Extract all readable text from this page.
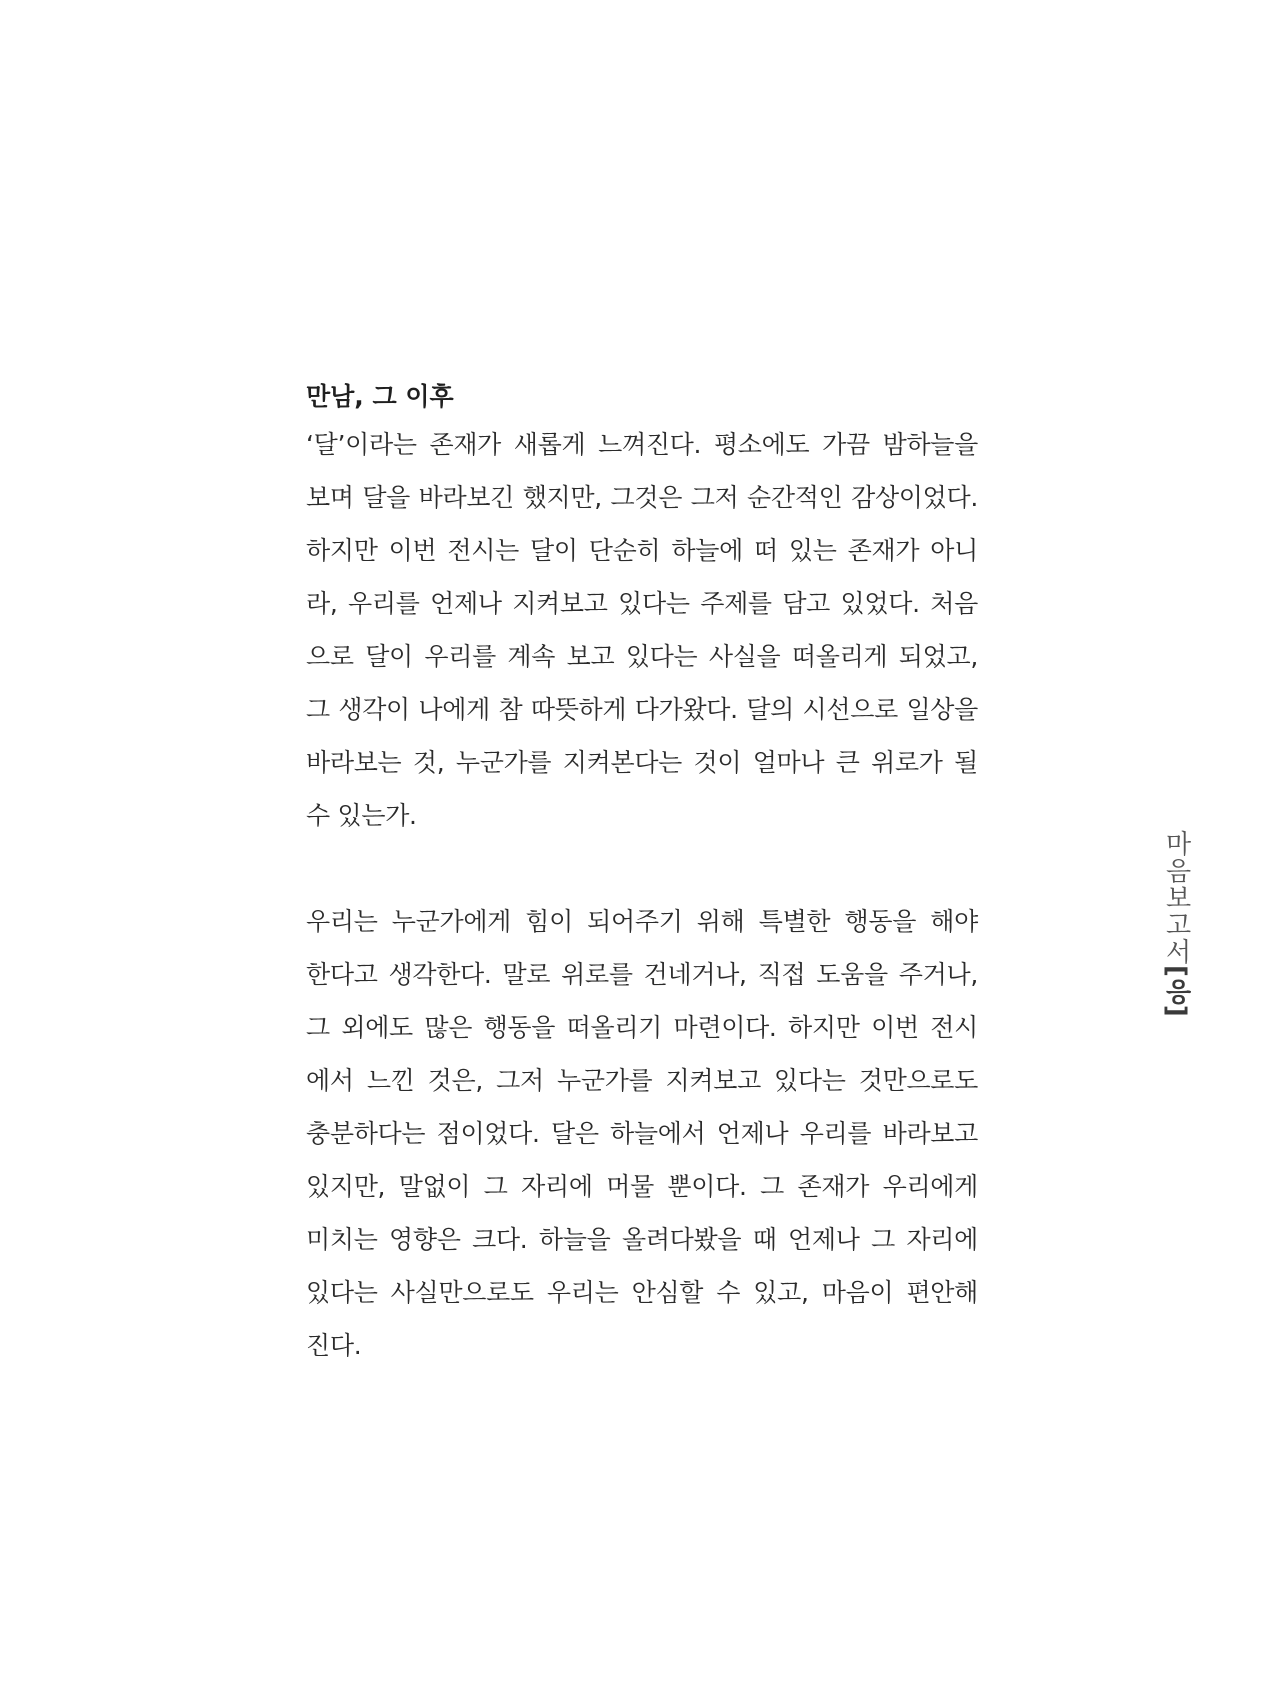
만남, 그 이후
‘달’이라는 존재가 새롭게 느껴진다. 평소에도 가끔 밤하늘을
보며 달을 바라보긴 했지만, 그것은 그저 순간적인 감상이었다.
하지만 이번 전시는 달이 단순히 하늘에 떠 있는 존재가 아니
라, 우리를 언제나 지켜보고 있다는 주제를 담고 있었다. 처음
으로 달이 우리를 계속 보고 있다는 사실을 떠올리게 되었고,
그 생각이 나에게 참 따뜻하게 다가왔다. 달의 시선으로 일상을
바라보는 것, 누군가를 지켜본다는 것이 얼마나 큰 위로가 될
수 있는가.
우리는 누군가에게 힘이 되어주기 위해 특별한 행동을 해야
한다고 생각한다. 말로 위로를 건네거나, 직접 도움을 주거나,
그 외에도 많은 행동을 떠올리기 마련이다. 하지만 이번 전시
에서 느낀 것은, 그저 누군가를 지켜보고 있다는 것만으로도
충분하다는 점이었다. 달은 하늘에서 언제나 우리를 바라보고
있지만, 말없이 그 자리에 머물 뿐이다. 그 존재가 우리에게
미치는 영향은 크다. 하늘을 올려다봤을 때 언제나 그 자리에
있다는 사실만으로도 우리는 안심할 수 있고, 마음이 편안해
진다.
마음보고서[응]
